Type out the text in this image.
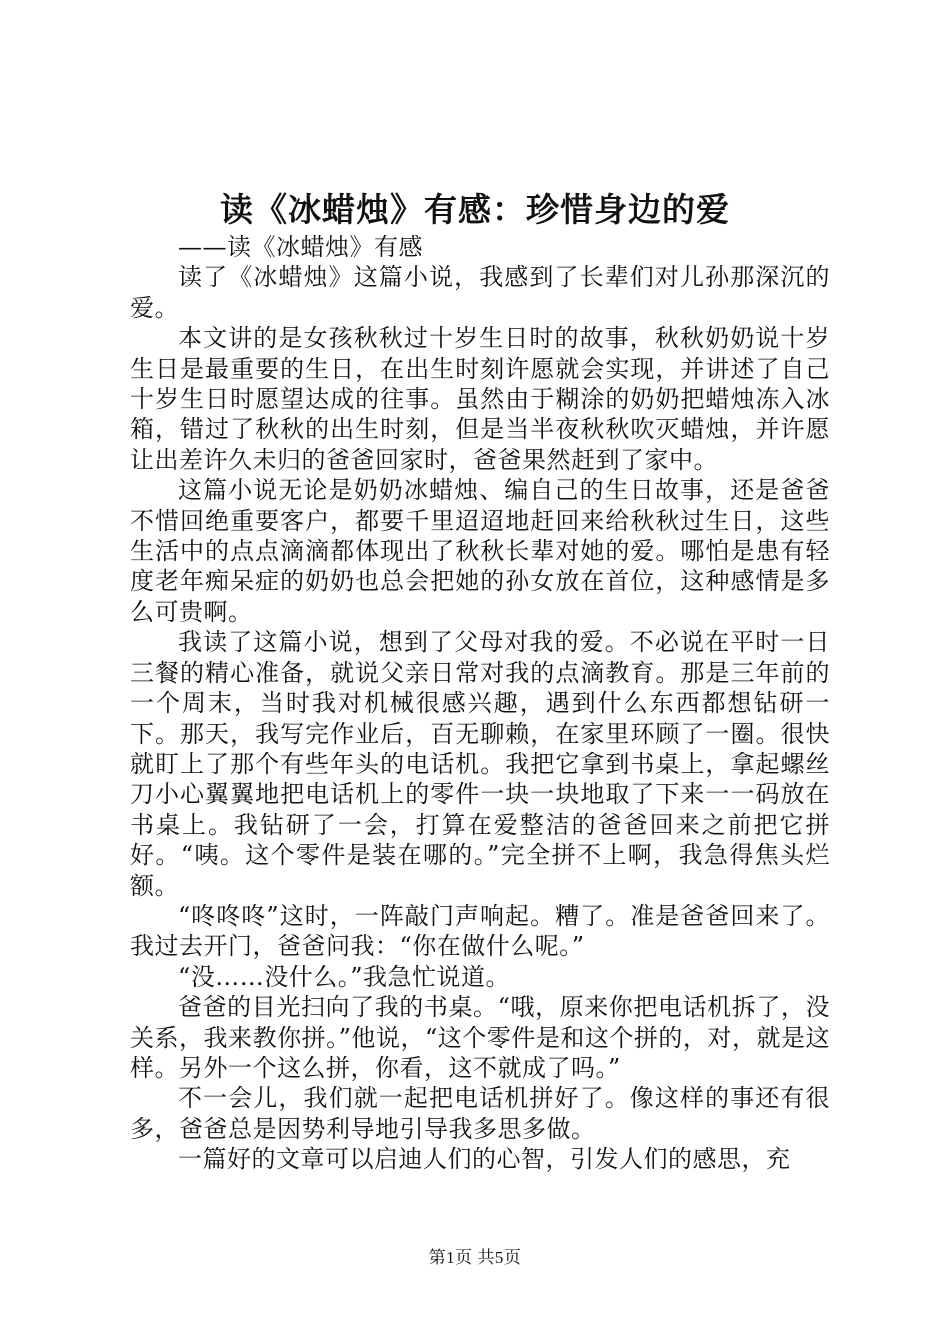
读《冰蜡烛》有感：珍惜身边的爱

——读《冰蜡烛》有感

读了《冰蜡烛》这篇小说，我感到了长辈们对儿孙那深沉的爱。

本文讲的是女孩秋秋过十岁生日时的故事，秋秋奶奶说十岁生日是最重要的生日，在出生时刻许愿就会实现，并讲述了自己十岁生日时愿望达成的往事。虽然由于糊涂的奶奶把蜡烛冻入冰箱，错过了秋秋的出生时刻，但是当半夜秋秋吹灭蜡烛，并许愿让出差许久未归的爸爸回家时，爸爸果然赶到了家中。

这篇小说无论是奶奶冰蜡烛、编自己的生日故事，还是爸爸不惜回绝重要客户，都要千里迢迢地赶回来给秋秋过生日，这些生活中的点点滴滴都体现出了秋秋长辈对她的爱。哪怕是患有轻度老年痴呆症的奶奶也总会把她的孙女放在首位，这种感情是多么可贵啊。

我读了这篇小说，想到了父母对我的爱。不必说在平时一日三餐的精心准备，就说父亲日常对我的点滴教育。那是三年前的一个周末，当时我对机械很感兴趣，遇到什么东西都想钻研一下。那天，我写完作业后，百无聊赖，在家里环顾了一圈。很快就盯上了那个有些年头的电话机。我把它拿到书桌上，拿起螺丝刀小心翼翼地把电话机上的零件一块一块地取了下来一一码放在书桌上。我钻研了一会，打算在爱整洁的爸爸回来之前把它拼好。“咦。这个零件是装在哪的。”完全拼不上啊，我急得焦头烂额。

“咚咚咚”这时，一阵敲门声响起。糟了。准是爸爸回来了。我过去开门，爸爸问我：“你在做什么呢。”

“没……没什么。”我急忙说道。

爸爸的目光扫向了我的书桌。“哦，原来你把电话机拆了，没关系，我来教你拼。”他说，“这个零件是和这个拼的，对，就是这样。另外一个这么拼，你看，这不就成了吗。”

不一会儿，我们就一起把电话机拼好了。像这样的事还有很多，爸爸总是因势利导地引导我多思多做。

一篇好的文章可以启迪人们的心智，引发人们的感思，充

第1页 共5页
